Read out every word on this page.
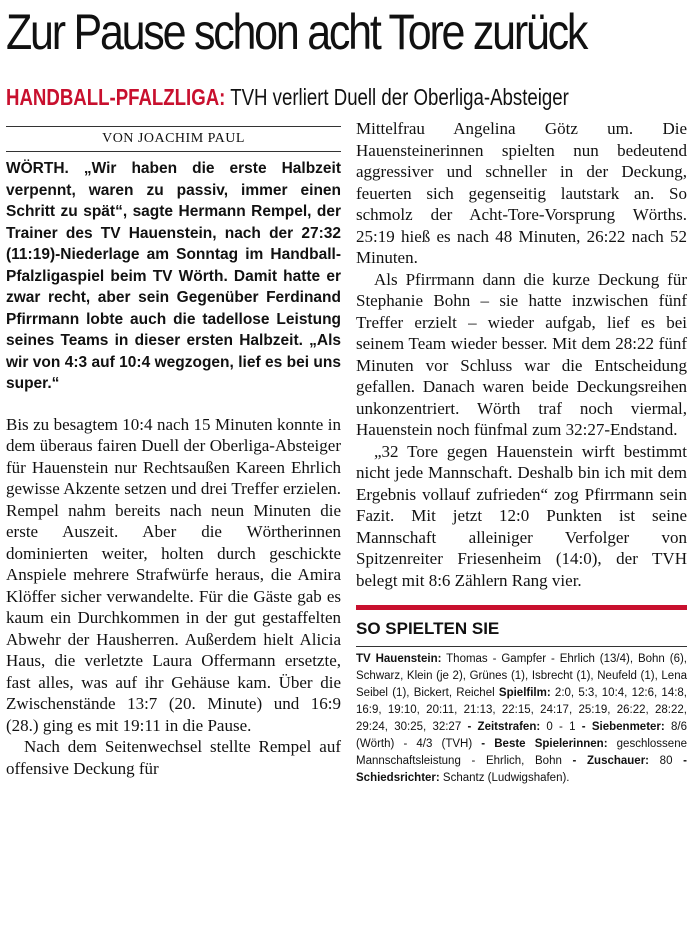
Zur Pause schon acht Tore zurück
HANDBALL-PFALZLIGA: TVH verliert Duell der Oberliga-Absteiger
VON JOACHIM PAUL

WÖRTH. „Wir haben die erste Halbzeit verpennt, waren zu passiv, immer einen Schritt zu spät“, sagte Hermann Rempel, der Trainer des TV Hauenstein, nach der 27:32 (11:19)-Niederlage am Sonntag im Handball-Pfalzligaspiel beim TV Wörth. Damit hatte er zwar recht, aber sein Gegenüber Ferdinand Pfirrmann lobte auch die tadellose Leistung seines Teams in dieser ersten Halbzeit. „Als wir von 4:3 auf 10:4 wegzogen, lief es bei uns super.“

Bis zu besagtem 10:4 nach 15 Minuten konnte in dem überaus fairen Duell der Oberliga-Absteiger für Hauenstein nur Rechtsaußen Kareen Ehrlich gewisse Akzente setzen und drei Treffer erzielen. Rempel nahm bereits nach neun Minuten die erste Auszeit. Aber die Wörtherinnen dominierten weiter, holten durch geschickte Anspiele mehrere Strafwürfe heraus, die Amira Klöffer sicher verwandelte. Für die Gäste gab es kaum ein Durchkommen in der gut gestaffelten Abwehr der Hausherren. Außerdem hielt Alicia Haus, die verletzte Laura Offermann ersetzte, fast alles, was auf ihr Gehäuse kam. Über die Zwischenstände 13:7 (20. Minute) und 16:9 (28.) ging es mit 19:11 in die Pause.

Nach dem Seitenwechsel stellte Rempel auf offensive Deckung für

Mittelfrau Angelina Götz um. Die Hauensteinerinnen spielten nun bedeutend aggressiver und schneller in der Deckung, feuerten sich gegenseitig lautstark an. So schmolz der Acht-Tore-Vorsprung Wörths. 25:19 hieß es nach 48 Minuten, 26:22 nach 52 Minuten.

Als Pfirrmann dann die kurze Deckung für Stephanie Bohn – sie hatte inzwischen fünf Treffer erzielt – wieder aufgab, lief es bei seinem Team wieder besser. Mit dem 28:22 fünf Minuten vor Schluss war die Entscheidung gefallen. Danach waren beide Deckungsreihen unkonzentriert. Wörth traf noch viermal, Hauenstein noch fünfmal zum 32:27-Endstand.

„32 Tore gegen Hauenstein wirft bestimmt nicht jede Mannschaft. Deshalb bin ich mit dem Ergebnis vollauf zufrieden“ zog Pfirrmann sein Fazit. Mit jetzt 12:0 Punkten ist seine Mannschaft alleiniger Verfolger von Spitzenreiter Friesenheim (14:0), der TVH belegt mit 8:6 Zählern Rang vier.

SO SPIELTEN SIE

TV Hauenstein: Thomas - Gampfer - Ehrlich (13/4), Bohn (6), Schwarz, Klein (je 2), Grünes (1), Isbrecht (1), Neufeld (1), Lena Seibel (1), Bickert, Reichel Spielfilm: 2:0, 5:3, 10:4, 12:6, 14:8, 16:9, 19:10, 20:11, 21:13, 22:15, 24:17, 25:19, 26:22, 28:22, 29:24, 30:25, 32:27 - Zeitstrafen: 0 - 1 - Siebenmeter: 8/6 (Wörth) - 4/3 (TVH) - Beste Spielerinnen: geschlossene Mannschaftsleistung - Ehrlich, Bohn - Zuschauer: 80 - Schiedsrichter: Schantz (Ludwigshafen).
